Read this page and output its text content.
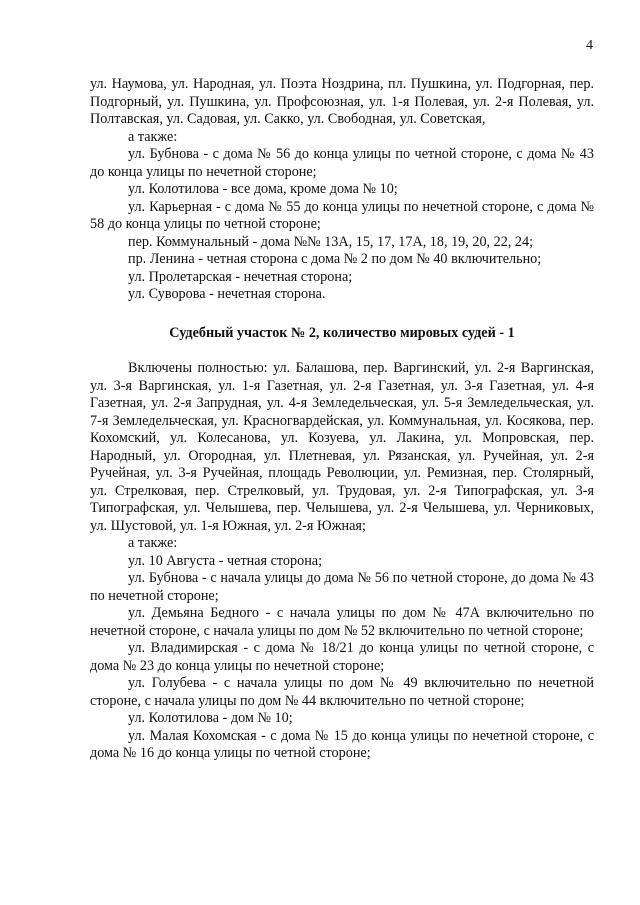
4

ул. Наумова, ул. Народная, ул. Поэта Ноздрина, пл. Пушкина, ул. Подгорная, пер. Подгорный, ул. Пушкина, ул. Профсоюзная, ул. 1-я Полевая, ул. 2-я Полевая, ул. Полтавская, ул. Садовая, ул. Сакко, ул. Свободная, ул. Советская,

а также:

ул. Бубнова - с дома № 56 до конца улицы по четной стороне, с дома № 43 до конца улицы по нечетной стороне;

ул. Колотилова - все дома, кроме дома № 10;

ул. Карьерная - с дома № 55 до конца улицы по нечетной стороне, с дома № 58 до конца улицы по четной стороне;

пер. Коммунальный - дома №№ 13А, 15, 17, 17А, 18, 19, 20, 22, 24;

пр. Ленина - четная сторона с дома № 2 по дом № 40 включительно;

ул. Пролетарская - нечетная сторона;

ул. Суворова - нечетная сторона.

Судебный участок № 2, количество мировых судей - 1

Включены полностью: ул. Балашова, пер. Варгинский, ул. 2-я Варгинская, ул. 3-я Варгинская, ул. 1-я Газетная, ул. 2-я Газетная, ул. 3-я Газетная, ул. 4-я Газетная, ул. 2-я Запрудная, ул. 4-я Земледельческая, ул. 5-я Земледельческая, ул. 7-я Земледельческая, ул. Красногвардейская, ул. Коммунальная, ул. Косякова, пер. Кохомский, ул. Колесанова, ул. Козуева, ул. Лакина, ул. Мопровская, пер. Народный, ул. Огородная, ул. Плетневая, ул. Рязанская, ул. Ручейная, ул. 2-я Ручейная, ул. 3-я Ручейная, площадь Революции, ул. Ремизная, пер. Столярный, ул. Стрелковая, пер. Стрелковый, ул. Трудовая, ул. 2-я Типографская, ул. 3-я Типографская, ул. Челышева, пер. Челышева, ул. 2-я Челышева, ул. Черниковых, ул. Шустовой, ул. 1-я Южная, ул. 2-я Южная;

а также:

ул. 10 Августа - четная сторона;

ул. Бубнова - с начала улицы до дома № 56 по четной стороне, до дома № 43 по нечетной стороне;

ул. Демьяна Бедного - с начала улицы по дом № 47А включительно по нечетной стороне, с начала улицы по дом № 52 включительно по четной стороне;

ул. Владимирская - с дома № 18/21 до конца улицы по четной стороне, с дома № 23 до конца улицы по нечетной стороне;

ул. Голубева - с начала улицы по дом № 49 включительно по нечетной стороне, с начала улицы по дом № 44 включительно по четной стороне;

ул. Колотилова - дом № 10;

ул. Малая Кохомская - с дома № 15 до конца улицы по нечетной стороне, с дома № 16 до конца улицы по четной стороне;
